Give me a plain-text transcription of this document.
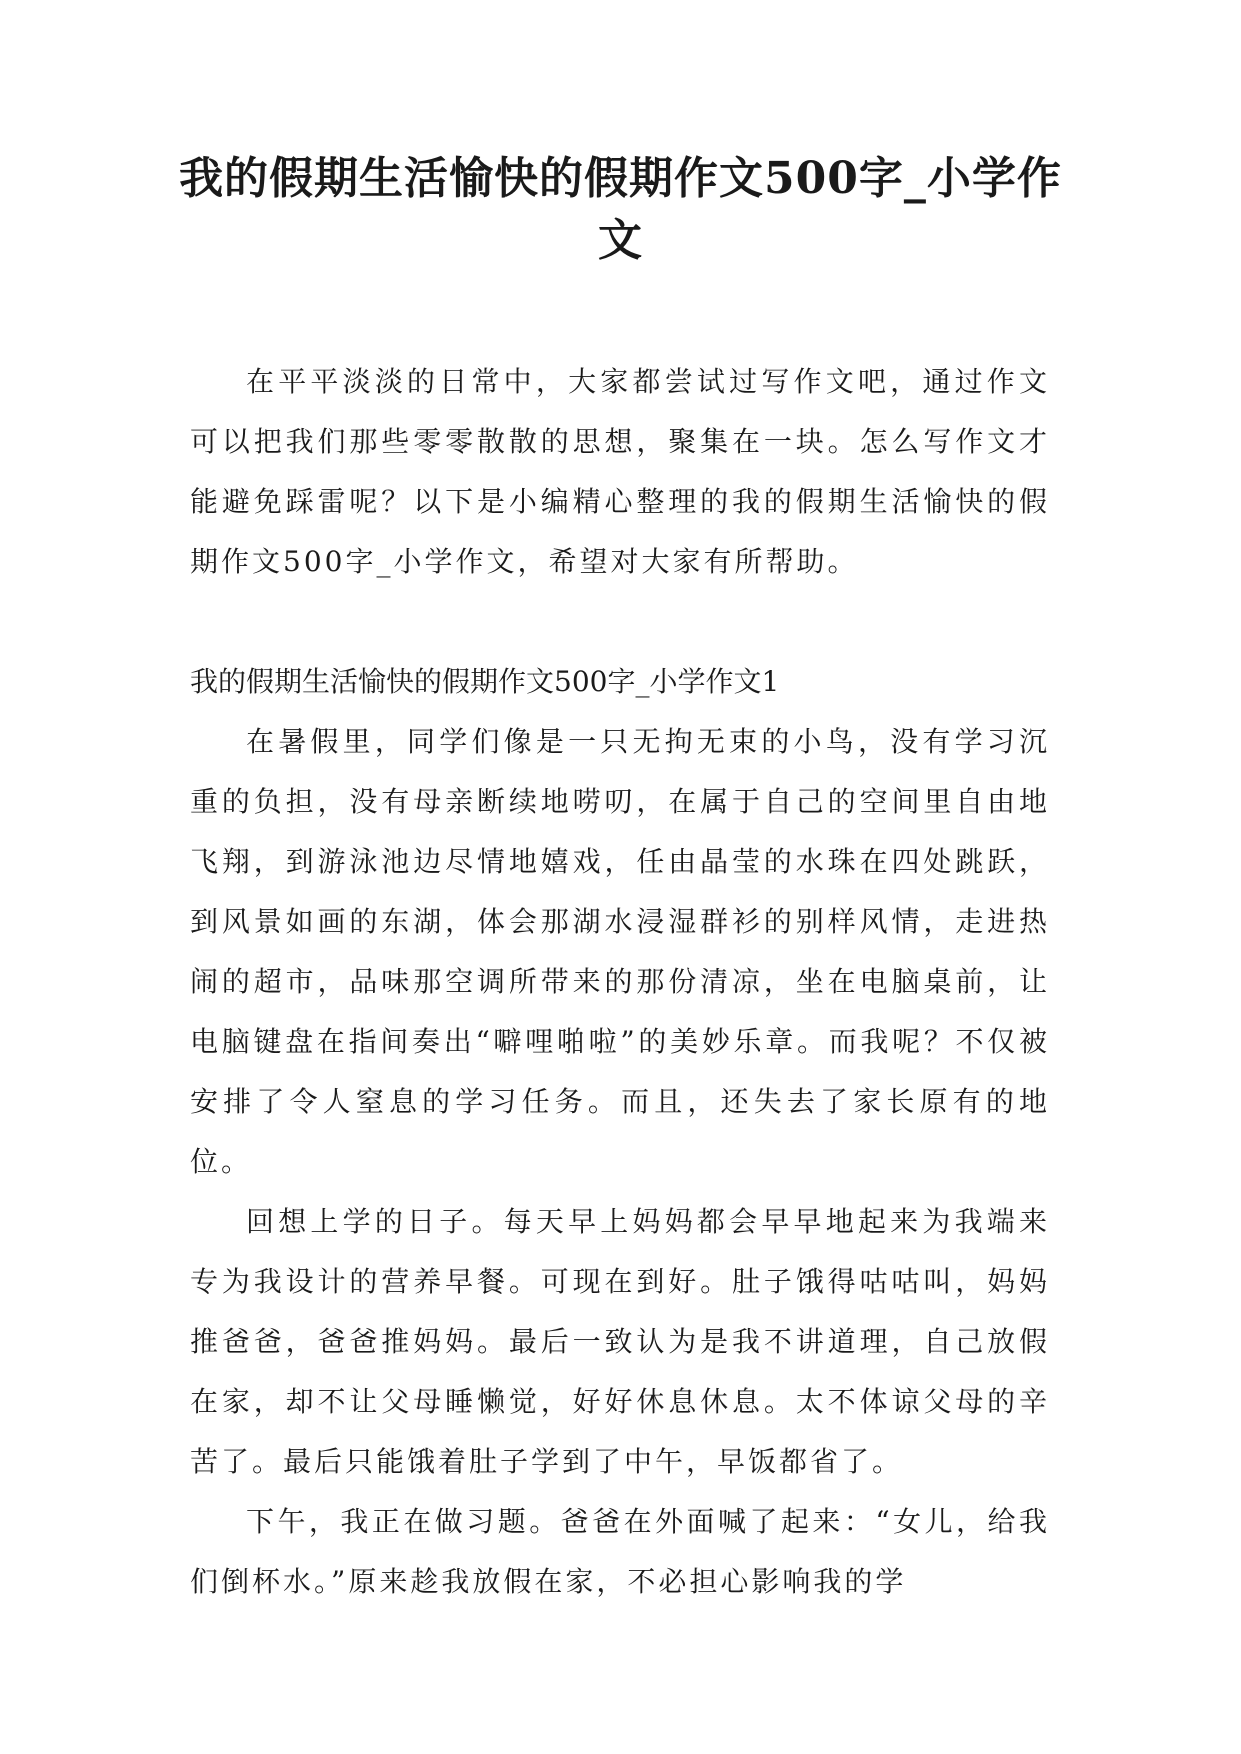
我的假期生活愉快的假期作文500字_小学作文

在平平淡淡的日常中，大家都尝试过写作文吧，通过作文可以把我们那些零零散散的思想，聚集在一块。怎么写作文才能避免踩雷呢？以下是小编精心整理的我的假期生活愉快的假期作文500字_小学作文，希望对大家有所帮助。

我的假期生活愉快的假期作文500字_小学作文1

在暑假里，同学们像是一只无拘无束的小鸟，没有学习沉重的负担，没有母亲断续地唠叨，在属于自己的空间里自由地飞翔，到游泳池边尽情地嬉戏，任由晶莹的水珠在四处跳跃，到风景如画的东湖，体会那湖水浸湿群衫的别样风情，走进热闹的超市，品味那空调所带来的那份清凉，坐在电脑桌前，让电脑键盘在指间奏出“噼哩啪啦”的美妙乐章。而我呢？不仅被安排了令人窒息的学习任务。而且，还失去了家长原有的地位。

回想上学的日子。每天早上妈妈都会早早地起来为我端来专为我设计的营养早餐。可现在到好。肚子饿得咕咕叫，妈妈推爸爸，爸爸推妈妈。最后一致认为是我不讲道理，自己放假在家，却不让父母睡懒觉，好好休息休息。太不体谅父母的辛苦了。最后只能饿着肚子学到了中午，早饭都省了。

下午，我正在做习题。爸爸在外面喊了起来：“女儿，给我们倒杯水。”原来趁我放假在家，不必担心影响我的学
